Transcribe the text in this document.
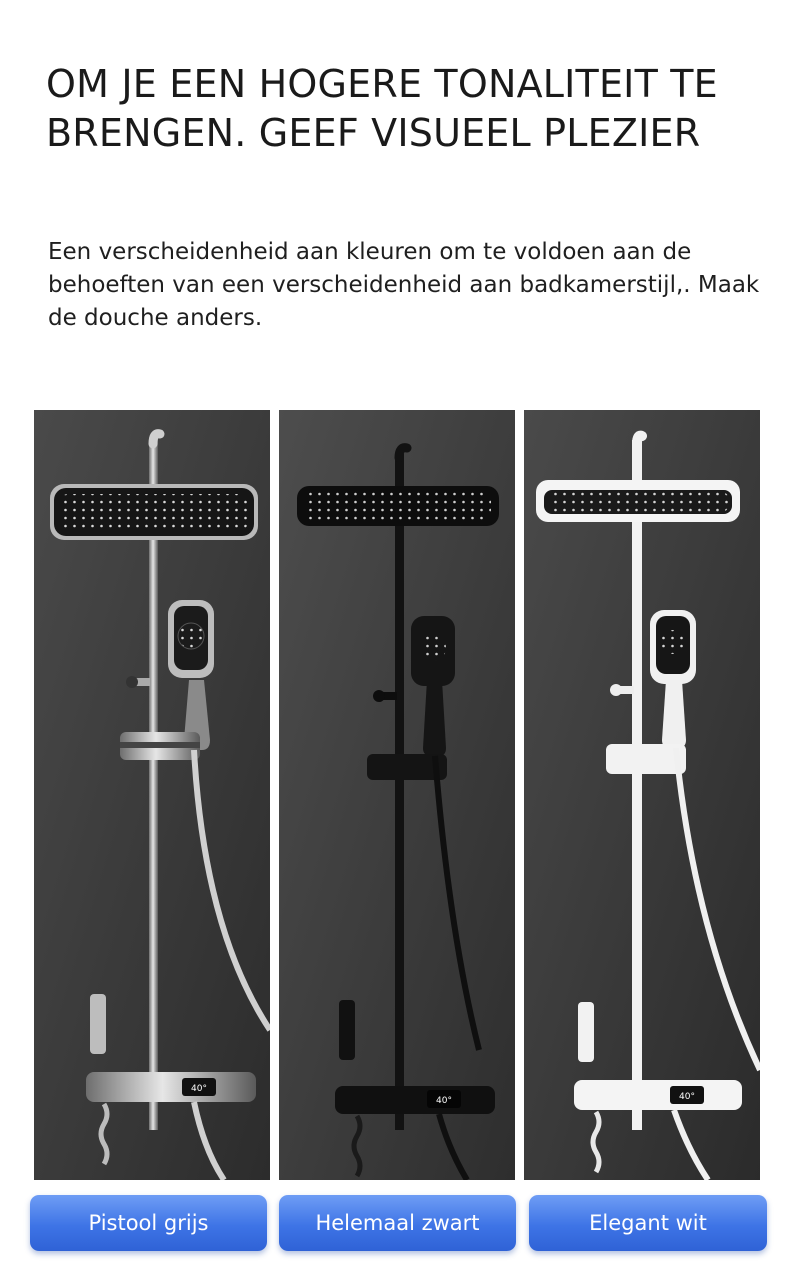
OM JE EEN HOGERE TONALITEIT TE BRENGEN. GEEF VISUEEL PLEZIER

Een verscheidenheid aan kleuren om te voldoen aan de behoeften van een verscheidenheid aan badkamerstijl,. Maak de douche anders.

40°
40°	40°
Pistool grijs	Helemaal zwart	Elegant wit
